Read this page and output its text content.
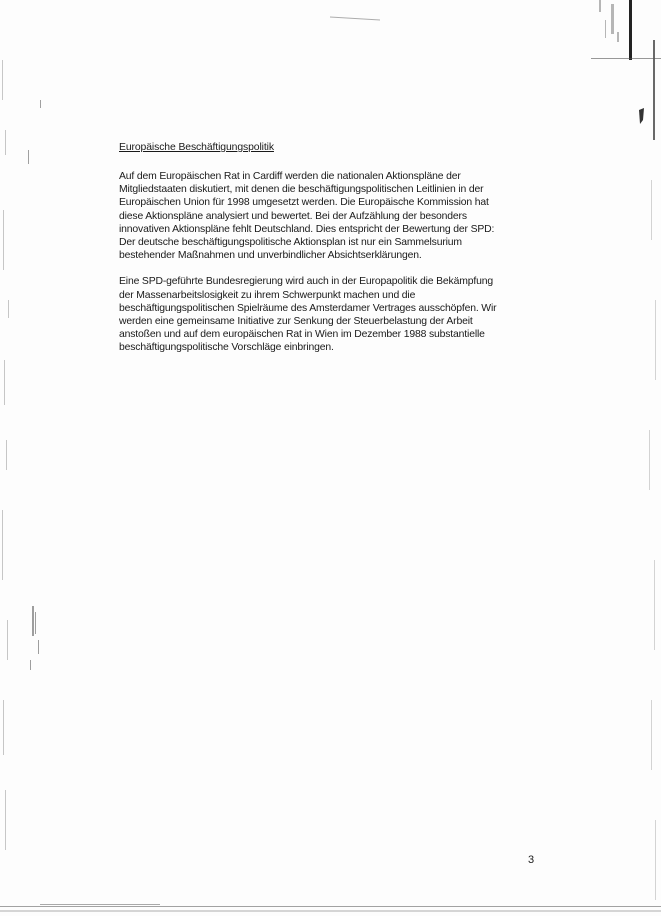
Europäische Beschäftigungspolitik

Auf dem Europäischen Rat in Cardiff werden die nationalen Aktionspläne der
Mitgliedstaaten diskutiert, mit denen die beschäftigungspolitischen Leitlinien in der
Europäischen Union für 1998 umgesetzt werden. Die Europäische Kommission hat
diese Aktionspläne analysiert und bewertet. Bei der Aufzählung der besonders
innovativen Aktionspläne fehlt Deutschland. Dies entspricht der Bewertung der SPD:
Der deutsche beschäftigungspolitische Aktionsplan ist nur ein Sammelsurium
bestehender Maßnahmen und unverbindlicher Absichtserklärungen.

Eine SPD-geführte Bundesregierung wird auch in der Europapolitik die Bekämpfung
der Massenarbeitslosigkeit zu ihrem Schwerpunkt machen und die
beschäftigungspolitischen Spielräume des Amsterdamer Vertrages ausschöpfen. Wir
werden eine gemeinsame Initiative zur Senkung der Steuerbelastung der Arbeit
anstoßen und auf dem europäischen Rat in Wien im Dezember 1988 substantielle
beschäftigungspolitische Vorschläge einbringen.

3
